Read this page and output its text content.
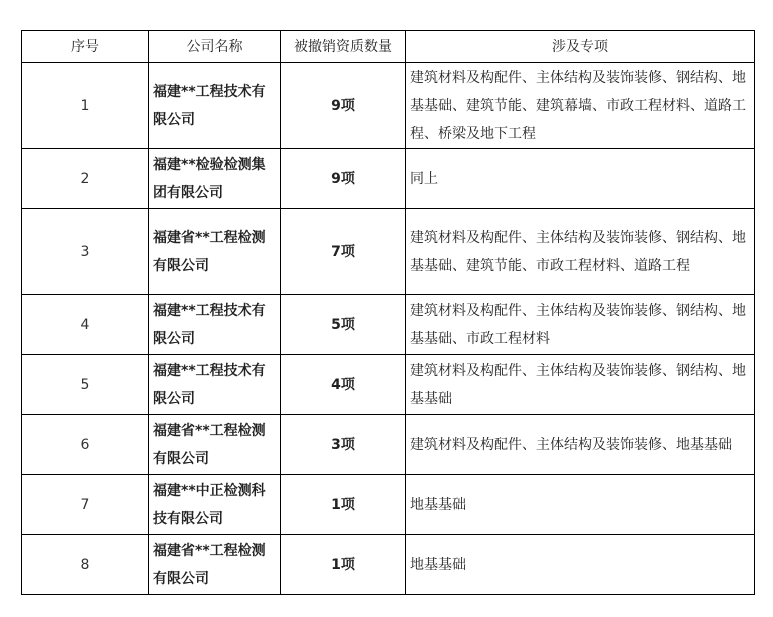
序号	公司名称	被撤销资质数量	涉及专项
1	福建**工程技术有限公司	9项	建筑材料及构配件、主体结构及装饰装修、钢结构、地基基础、建筑节能、建筑幕墙、市政工程材料、道路工程、桥梁及地下工程
2	福建**检验检测集团有限公司	9项	同上
3	福建省**工程检测有限公司	7项	建筑材料及构配件、主体结构及装饰装修、钢结构、地基基础、建筑节能、市政工程材料、道路工程
4	福建**工程技术有限公司	5项	建筑材料及构配件、主体结构及装饰装修、钢结构、地基基础、市政工程材料
5	福建**工程技术有限公司	4项	建筑材料及构配件、主体结构及装饰装修、钢结构、地基基础
6	福建省**工程检测有限公司	3项	建筑材料及构配件、主体结构及装饰装修、地基基础
7	福建**中正检测科技有限公司	1项	地基基础
8	福建省**工程检测有限公司	1项	地基基础
